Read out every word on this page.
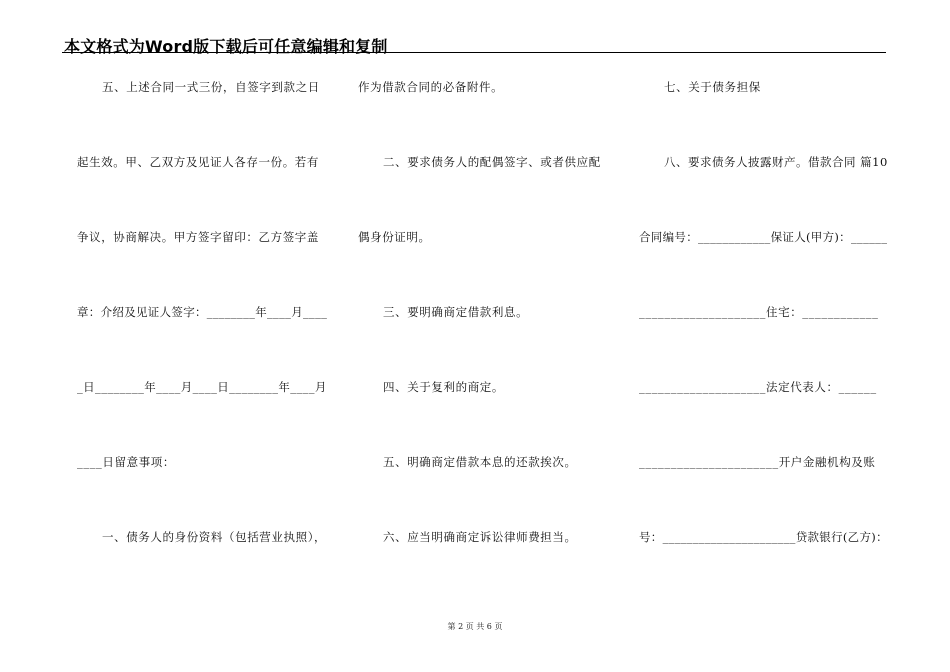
本文格式为Word版下载后可任意编辑和复制
五、上述合同一式三份，自签字到款之日
起生效。甲、乙双方及见证人各存一份。若有
争议，协商解决。甲方签字留印：乙方签字盖
章：介绍及见证人签字：________年____月____
_日________年____月____日________年____月
____日留意事项：
一、债务人的身份资料（包括营业执照），
作为借款合同的必备附件。
二、要求债务人的配偶签字、或者供应配
偶身份证明。
三、要明确商定借款利息。
四、关于复利的商定。
五、明确商定借款本息的还款挨次。
六、应当明确商定诉讼律师费担当。
七、关于债务担保
八、要求债务人披露财产。借款合同 篇10
合同编号：____________保证人(甲方)：______
____________________住宅：____________
____________________法定代表人：______
______________________开户金融机构及账
号：______________________贷款银行(乙方)：
第 2 页 共 6 页
